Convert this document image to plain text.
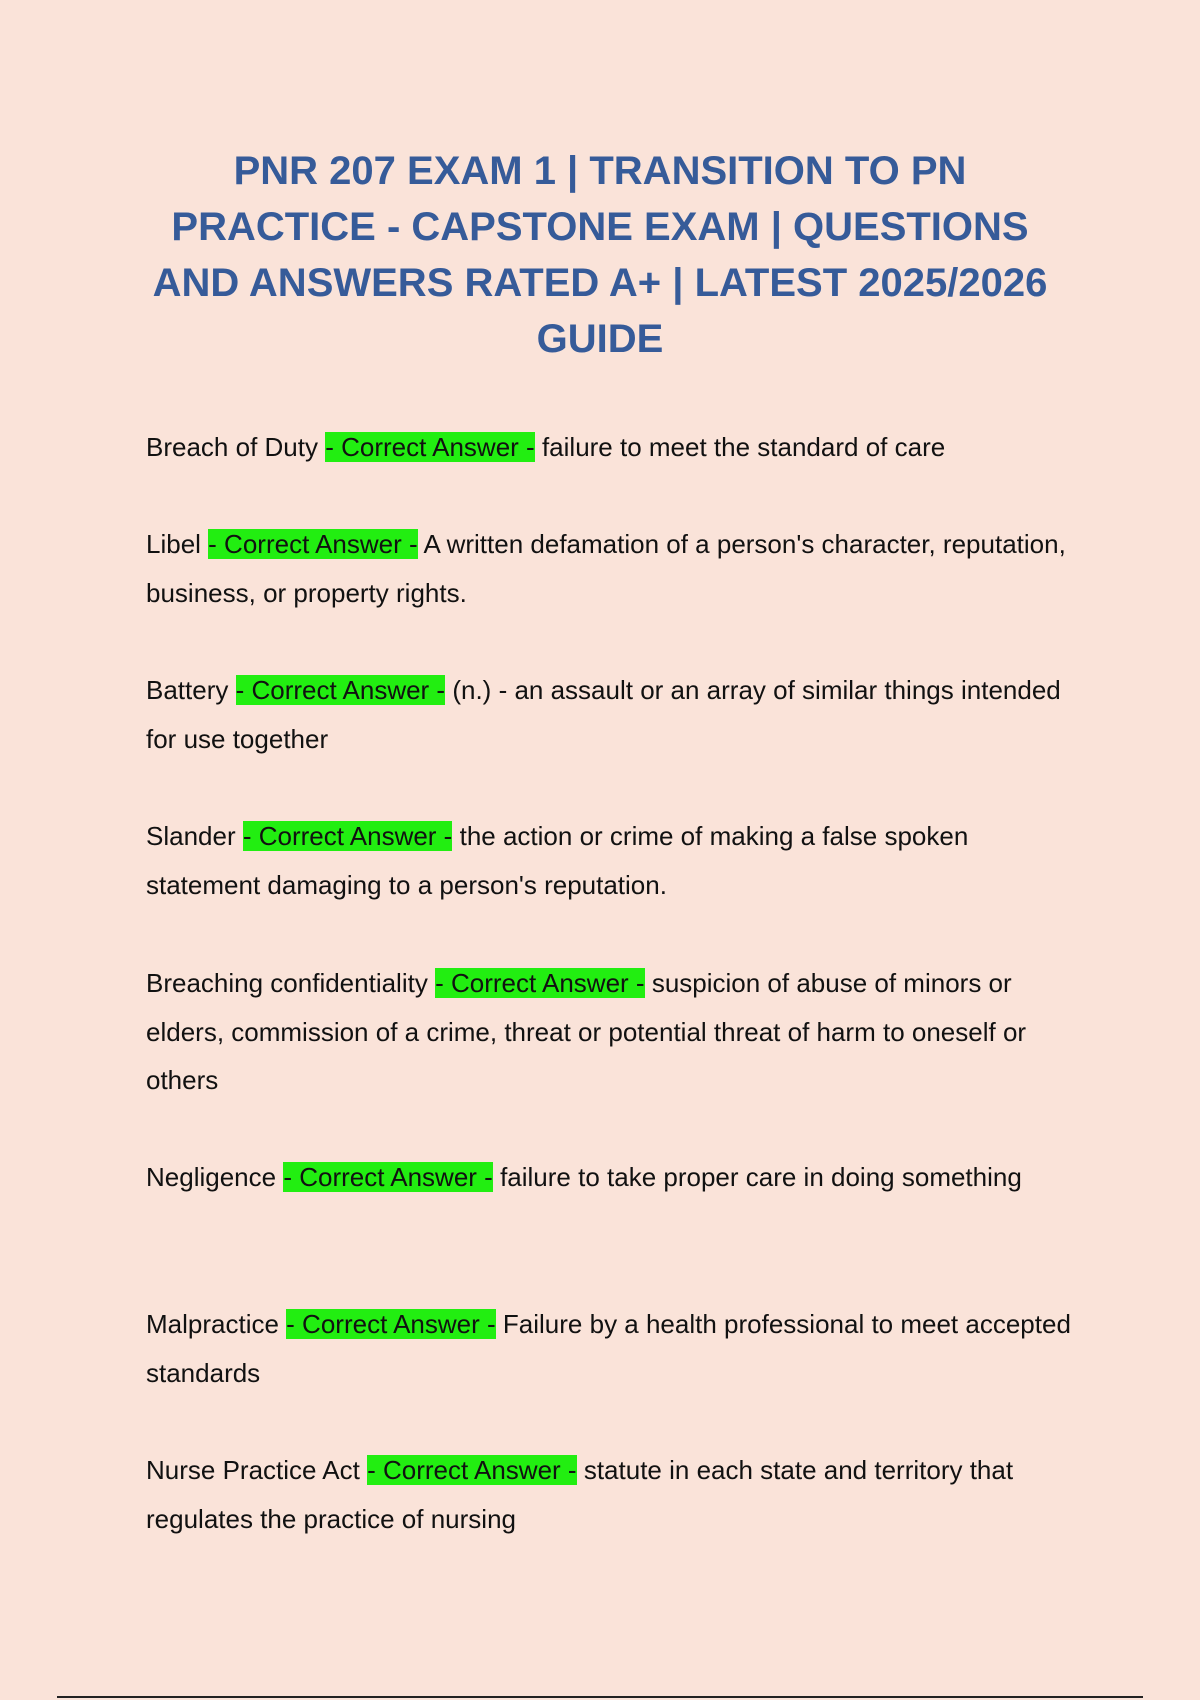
PNR 207 EXAM 1 | TRANSITION TO PN PRACTICE - CAPSTONE EXAM | QUESTIONS AND ANSWERS RATED A+ | LATEST 2025/2026 GUIDE

Breach of Duty - Correct Answer - failure to meet the standard of care

Libel - Correct Answer - A written defamation of a person's character, reputation, business, or property rights.

Battery - Correct Answer - (n.) - an assault or an array of similar things intended for use together

Slander - Correct Answer - the action or crime of making a false spoken statement damaging to a person's reputation.

Breaching confidentiality - Correct Answer - suspicion of abuse of minors or elders, commission of a crime, threat or potential threat of harm to oneself or others

Negligence - Correct Answer - failure to take proper care in doing something

Malpractice - Correct Answer - Failure by a health professional to meet accepted standards

Nurse Practice Act - Correct Answer - statute in each state and territory that regulates the practice of nursing
